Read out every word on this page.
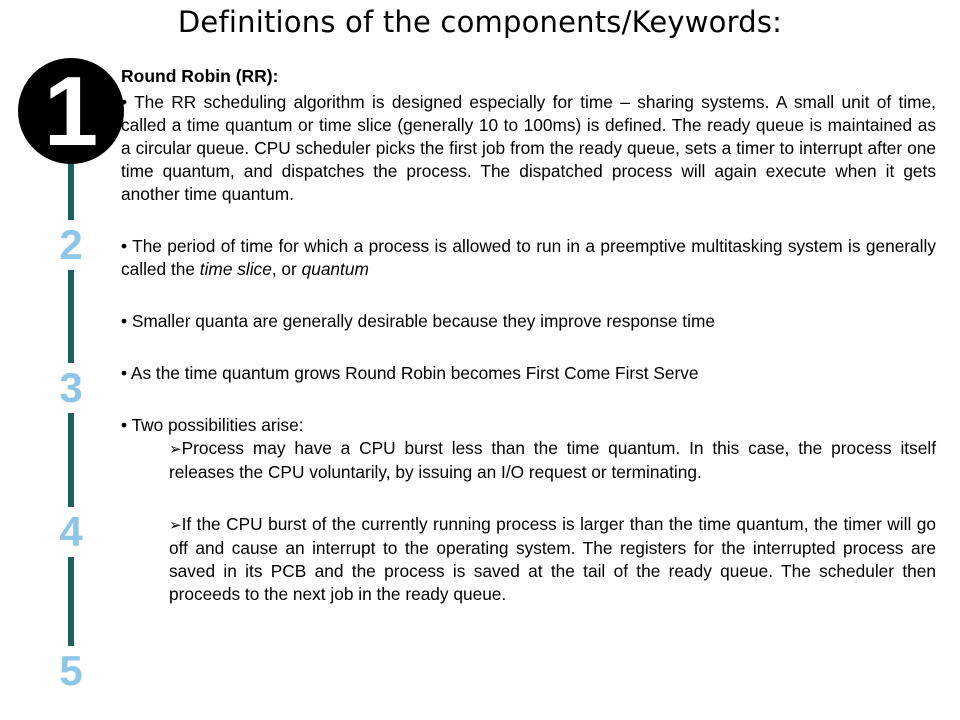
Definitions of the components/Keywords:
1
2
3
4
5
Round Robin (RR):
• The RR scheduling algorithm is designed especially for time – sharing systems. A small unit of time, called a time quantum or time slice (generally 10 to 100ms) is defined. The ready queue is maintained as a circular queue. CPU scheduler picks the first job from the ready queue, sets a timer to interrupt after one time quantum, and dispatches the process. The dispatched process will again execute when it gets another time quantum.
• The period of time for which a process is allowed to run in a preemptive multitasking system is generally called the time slice, or quantum
• Smaller quanta are generally desirable because they improve response time
• As the time quantum grows Round Robin becomes First Come First Serve
• Two possibilities arise:
➢Process may have a CPU burst less than the time quantum. In this case, the process itself releases the CPU voluntarily, by issuing an I/O request or terminating.
➢If the CPU burst of the currently running process is larger than the time quantum, the timer will go off and cause an interrupt to the operating system. The registers for the interrupted process are saved in its PCB and the process is saved at the tail of the ready queue. The scheduler then proceeds to the next job in the ready queue.
